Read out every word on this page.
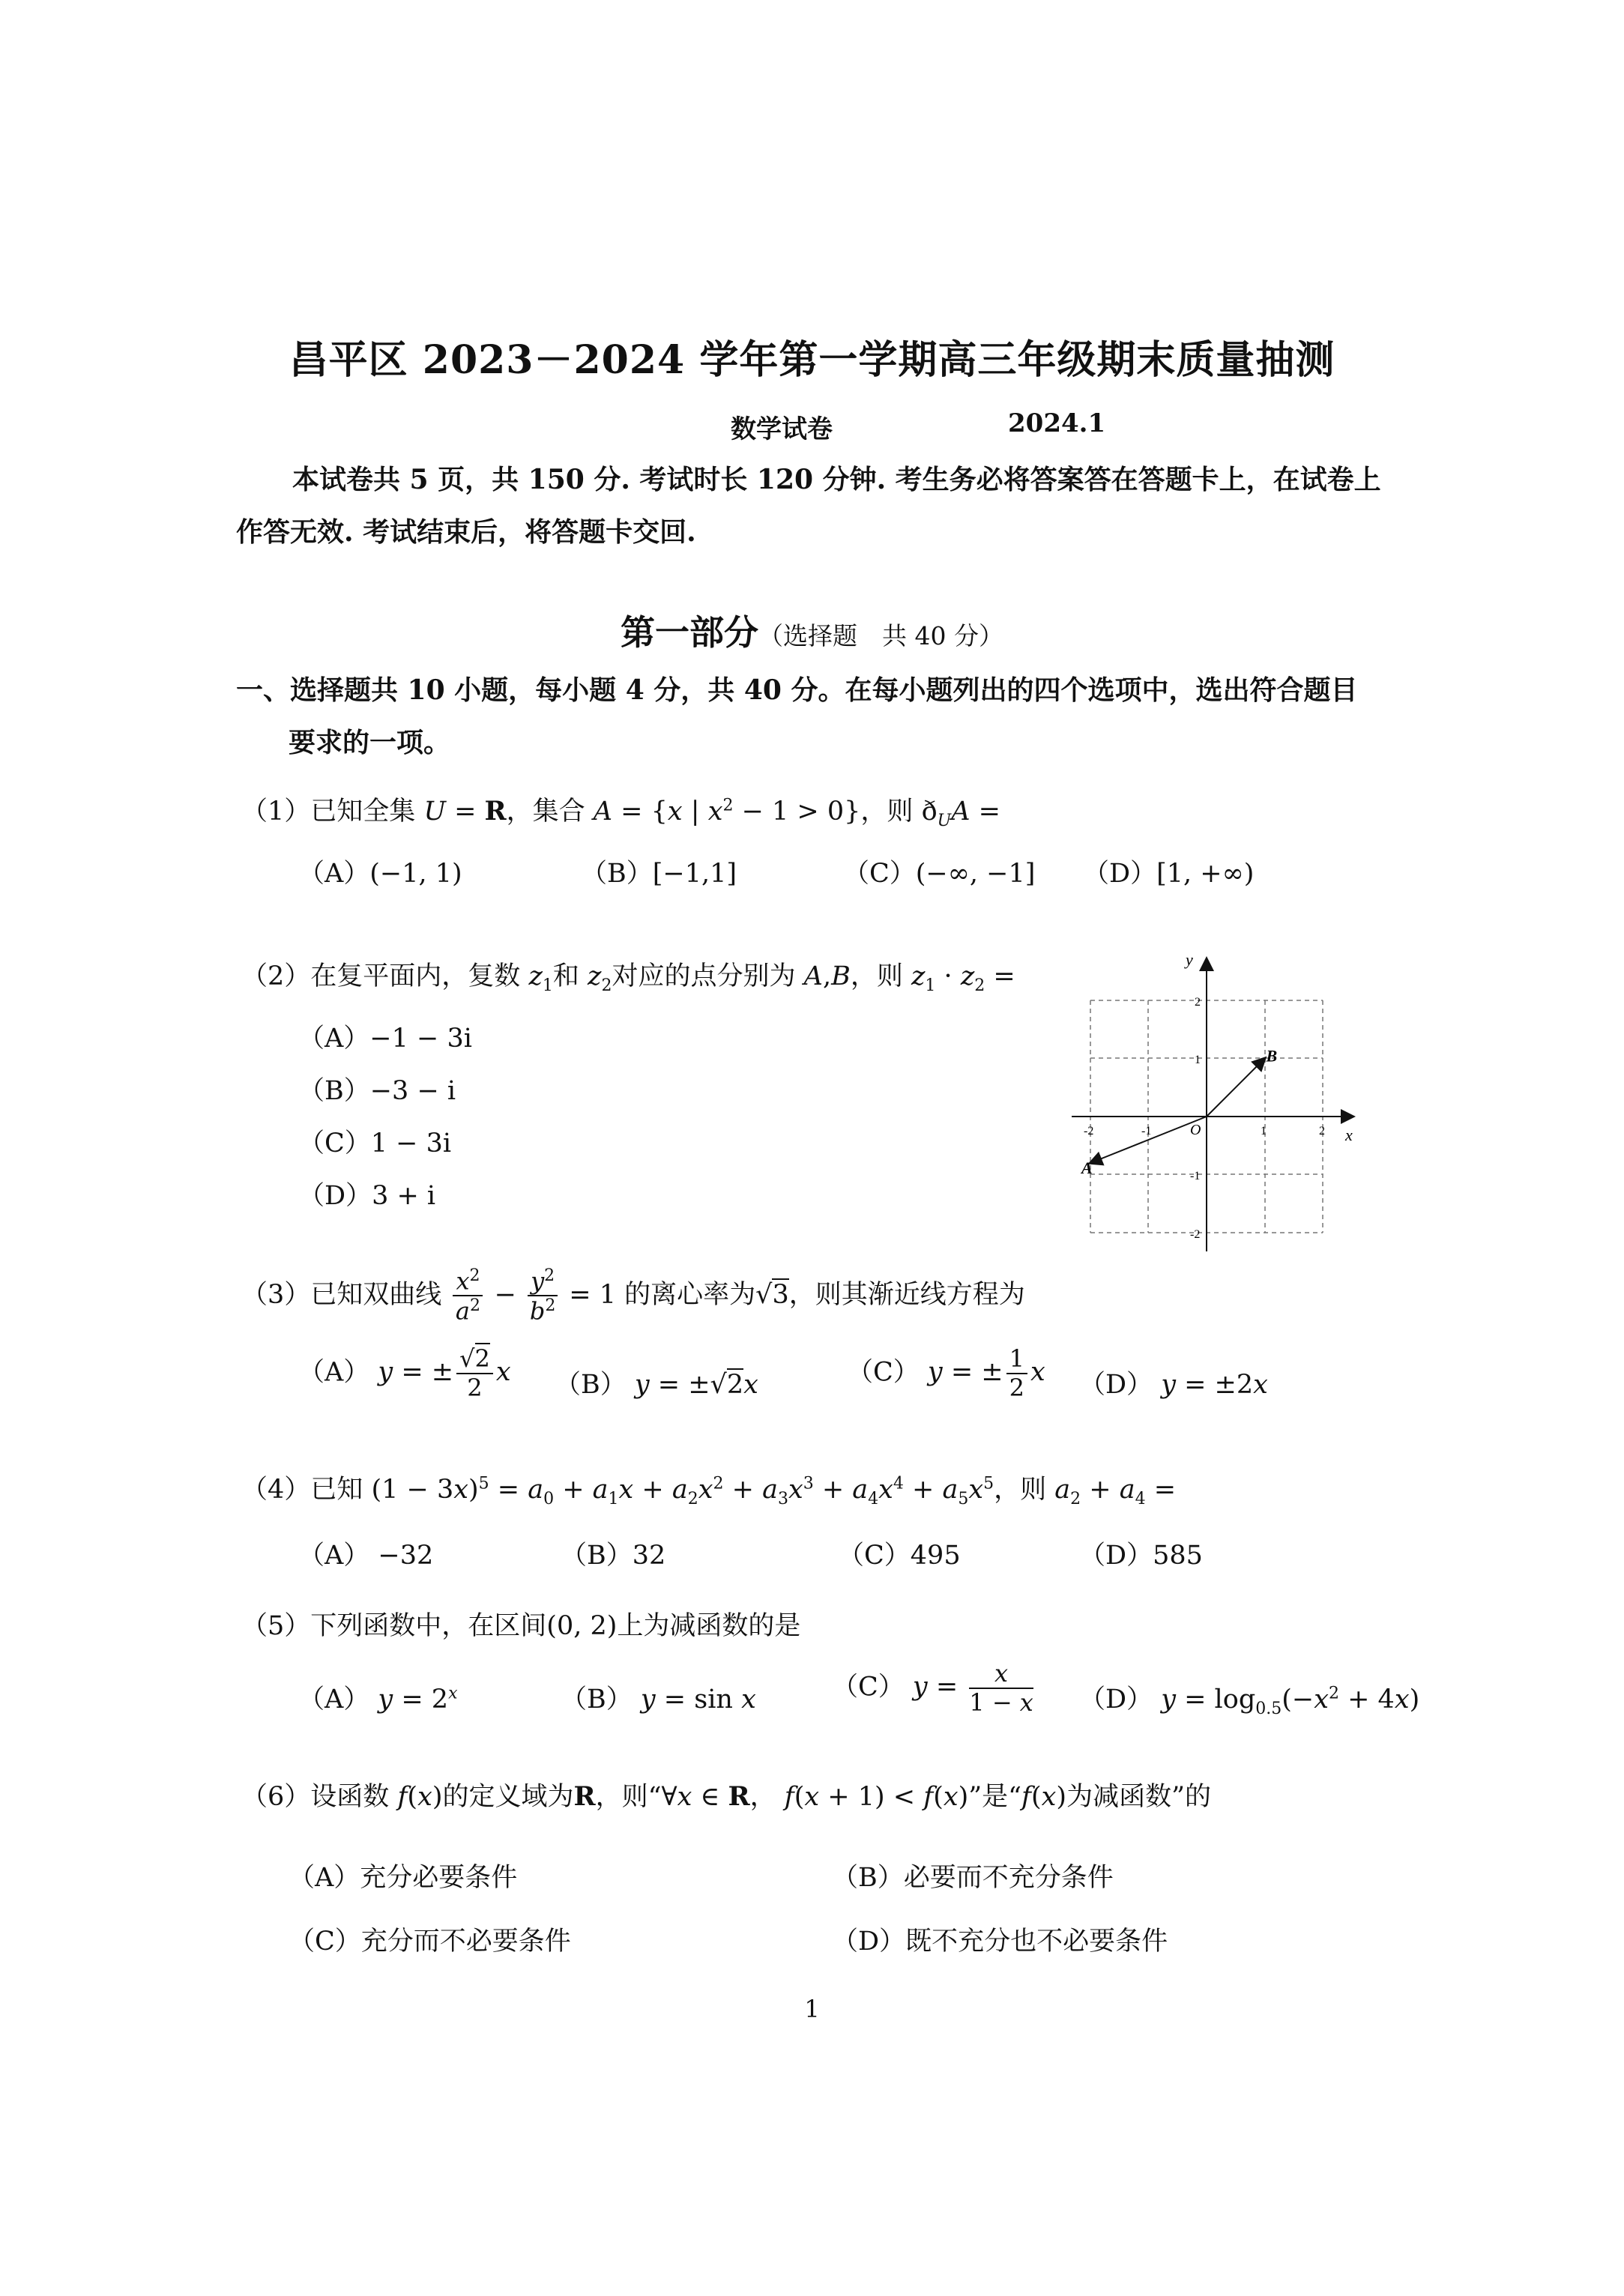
昌平区 2023－2024 学年第一学期高三年级期末质量抽测
数学试卷	2024.1
本试卷共 5 页，共 150 分. 考试时长 120 分钟. 考生务必将答案答在答题卡上，在试卷上
作答无效. 考试结束后，将答题卡交回.
第一部分（选择题　共 40 分）
一、选择题共 10 小题，每小题 4 分，共 40 分。在每小题列出的四个选项中，选出符合题目
要求的一项。
（1）已知全集 U = R，集合 A = {x | $x^2 - 1 > 0$}，则 $ð_UA$ =
（A）(−1, 1)	（B）[−1,1]	（C）(−∞, −1] （D）[1, +∞)
（2）在复平面内，复数 $z_1$和 $z_2$对应的点分别为 A,B，则 $z_1 \cdot z_2$ =
（A）−1 − 3i
（B）−3 − i
（C）1 − 3i
（D）3 + i
x
y
O
-2	-1	1	2
2
1
-1
-2
A
B
（3）已知双曲线 $\frac{x^2}{a^2} - \frac{y^2}{b^2} = 1$ 的离心率为√3，则其渐近线方程为
（A） y = ± $\frac{√2}{2}$ x （B） y = ±√2x	（C） y = ± $\frac{1}{2}$ x （D） y = ±2x
（4）已知 $(1 - 3x)^5 = a_0 + a_1x + a_2x^2 + a_3x^3 + a_4x^4 + a_5x^5$，则 $a_2 + a_4$ =
（A） −32	（B）32	（C）495	（D）585
（5）下列函数中，在区间(0, 2)上为减函数的是
（A） $y = 2^x$	（B） y = sin x	（C） $y = \frac{x}{1 - x} (D) y = \log_{0.5}(-x^2 + 4x)$
（6）设函数 f(x)的定义域为R，则“∀x ∈ R， f(x + 1) < f(x)”是“f(x)为减函数”的
（A）充分必要条件	（B）必要而不充分条件
（C）充分而不必要条件	（D）既不充分也不必要条件
1
